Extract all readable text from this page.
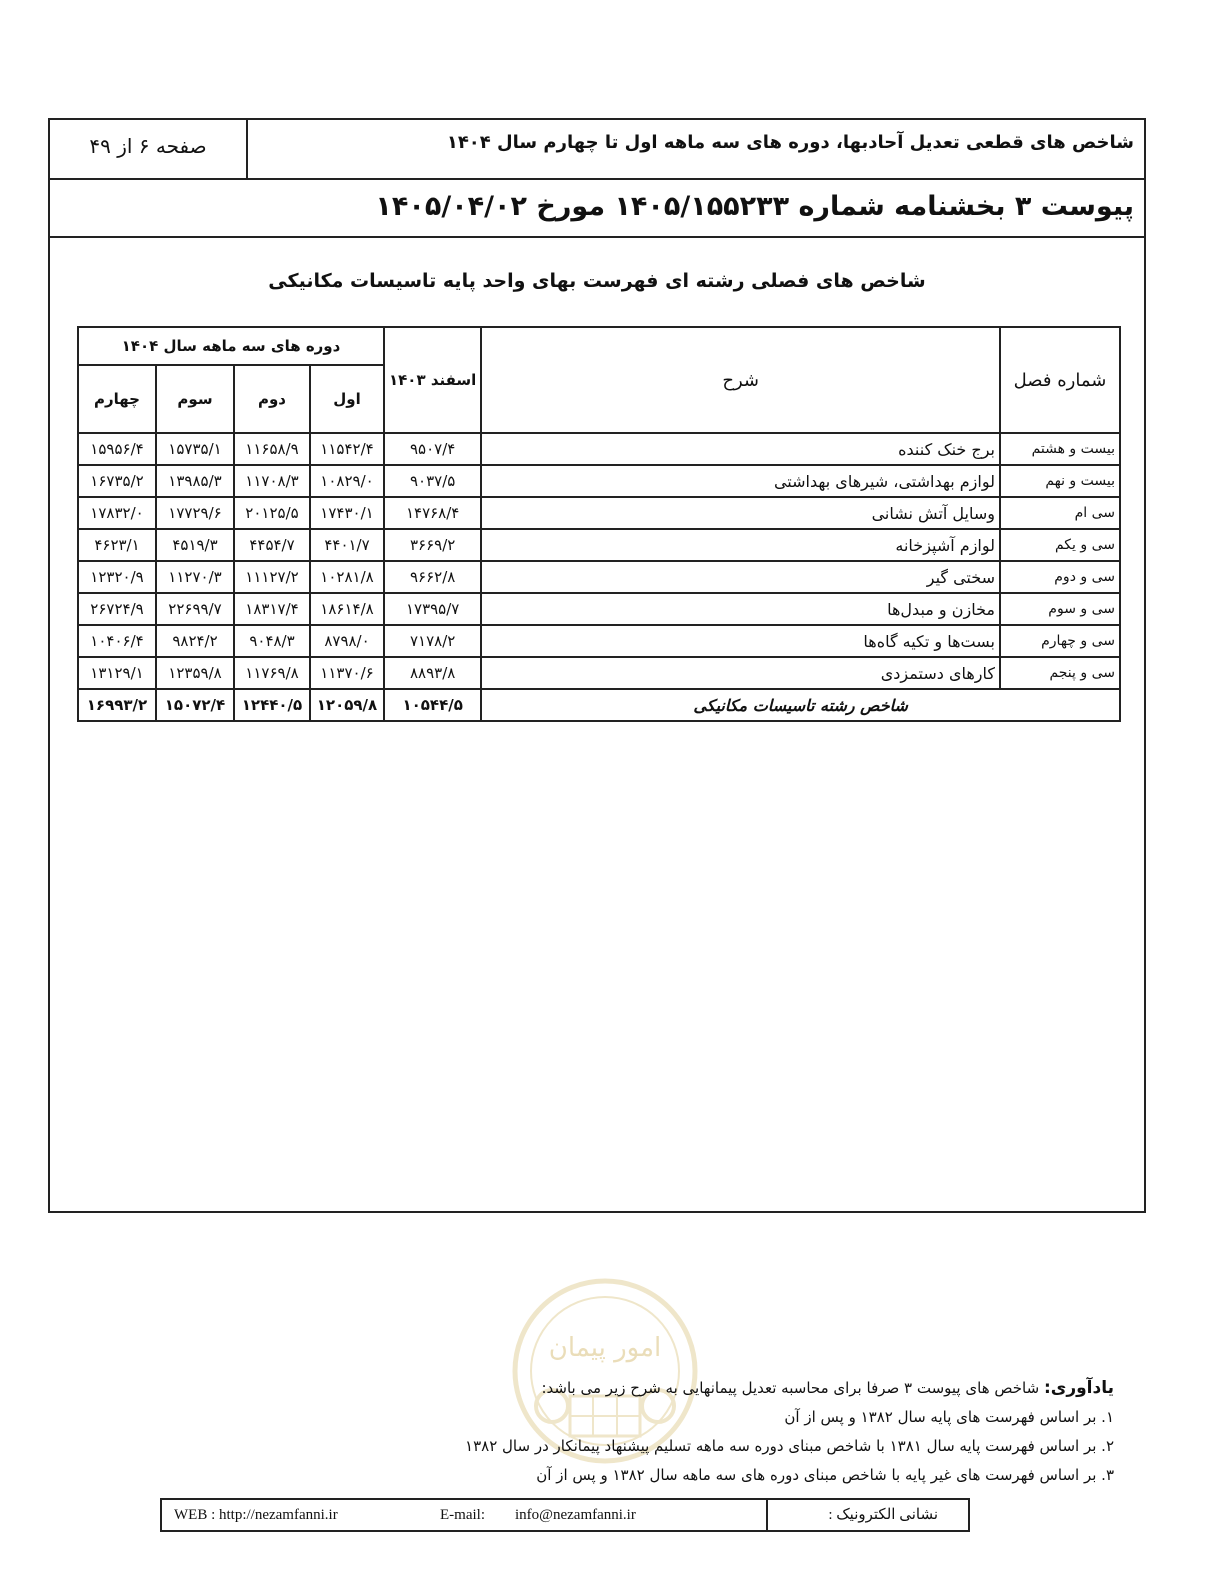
شاخص های قطعی تعدیل آحادبها، دوره های سه ماهه اول تا چهارم سال ۱۴۰۴
صفحه ۶ از ۴۹
پیوست ۳ بخشنامه شماره ۱۴۰۵/۱۵۵۲۳۳ مورخ ۱۴۰۵/۰۴/۰۲
شاخص های فصلی رشته ای فهرست بهای واحد پایه تاسیسات مکانیکی
شماره فصل	شرح	اسفند ۱۴۰۳	دوره های سه ماهه سال ۱۴۰۴			
			اول	دوم	سوم	چهارم
بیست و هشتم	برج خنک کننده	۹۵۰۷/۴	۱۱۵۴۲/۴	۱۱۶۵۸/۹	۱۵۷۳۵/۱	۱۵۹۵۶/۴
بیست و نهم	لوازم بهداشتی، شیرهای بهداشتی	۹۰۳۷/۵	۱۰۸۲۹/۰	۱۱۷۰۸/۳	۱۳۹۸۵/۳	۱۶۷۳۵/۲
سی ام	وسایل آتش نشانی	۱۴۷۶۸/۴	۱۷۴۳۰/۱	۲۰۱۲۵/۵	۱۷۷۲۹/۶	۱۷۸۳۲/۰
سی و یکم	لوازم آشپزخانه	۳۶۶۹/۲	۴۴۰۱/۷	۴۴۵۴/۷	۴۵۱۹/۳	۴۶۲۳/۱
سی و دوم	سختی گیر	۹۶۶۲/۸	۱۰۲۸۱/۸	۱۱۱۲۷/۲	۱۱۲۷۰/۳	۱۲۳۲۰/۹
سی و سوم	مخازن و مبدل‌ها	۱۷۳۹۵/۷	۱۸۶۱۴/۸	۱۸۳۱۷/۴	۲۲۶۹۹/۷	۲۶۷۲۴/۹
سی و چهارم	بست‌ها و تکیه گاه‌ها	۷۱۷۸/۲	۸۷۹۸/۰	۹۰۴۸/۳	۹۸۲۴/۲	۱۰۴۰۶/۴
سی و پنجم	کارهای دستمزدی	۸۸۹۳/۸	۱۱۳۷۰/۶	۱۱۷۶۹/۸	۱۲۳۵۹/۸	۱۳۱۲۹/۱
شاخص رشته تاسیسات مکانیکی		۱۰۵۴۴/۵	۱۲۰۵۹/۸	۱۲۴۴۰/۵	۱۵۰۷۲/۴	۱۶۹۹۳/۲
امور پیمان
یادآوری: شاخص های پیوست ۳ صرفا برای محاسبه تعدیل پیمانهایی به شرح زیر می باشد:
۱. بر اساس فهرست های پایه سال ۱۳۸۲ و پس از آن
۲. بر اساس فهرست پایه سال ۱۳۸۱ با شاخص مبنای دوره سه ماهه تسلیم پیشنهاد پیمانکار در سال ۱۳۸۲
۳. بر اساس فهرست های غیر پایه با شاخص مبنای دوره های سه ماهه سال ۱۳۸۲ و پس از آن
نشانی الکترونیک :
WEB : http://nezamfanni.ir	E-mail: info@nezamfanni.ir
